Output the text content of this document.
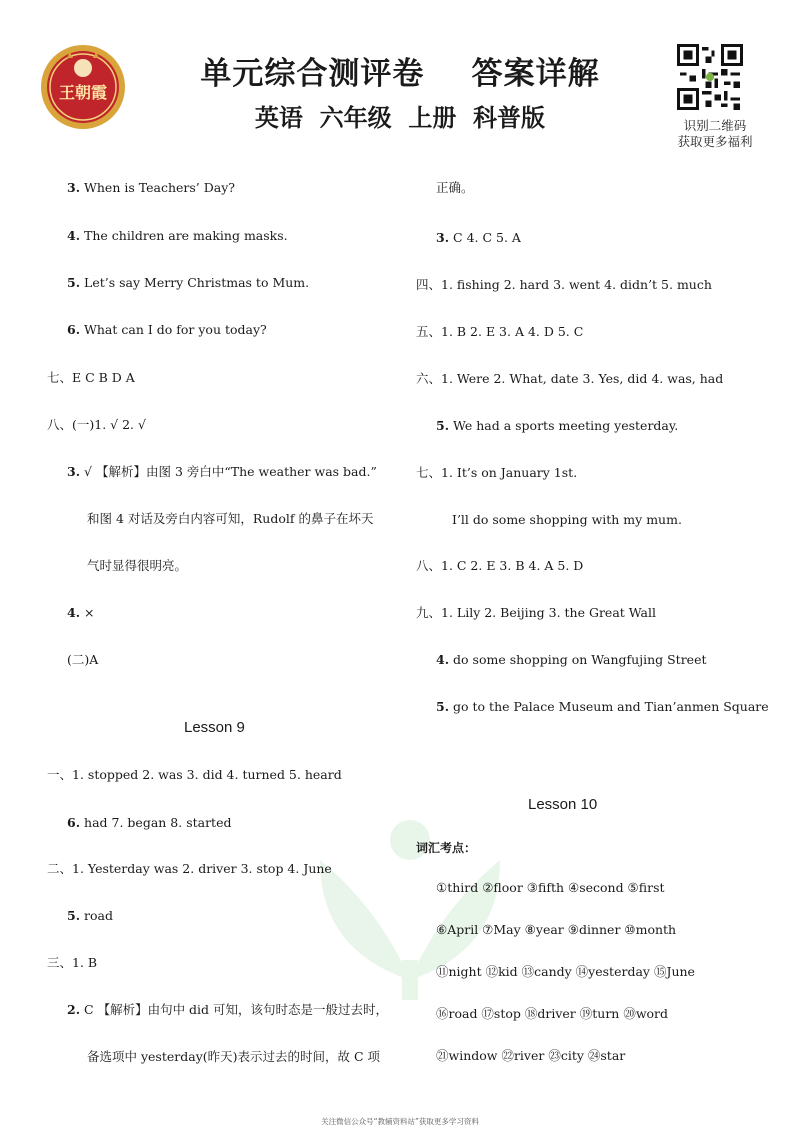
王朝霞
单元综合测评卷    答案详解
英语  六年级  上册  科普版	识别二维码
获取更多福利
3. When is Teachers’ Day?
4. The children are making masks.
5. Let’s say Merry Christmas to Mum.
6. What can I do for you today?
七、E C B D A
八、(一)1. √ 2. √
3. √ 【解析】由图 3 旁白中“The weather was bad.”
和图 4 对话及旁白内容可知，Rudolf 的鼻子在坏天
气时显得很明亮。
4. ×
(二)A
Lesson 9
一、1. stopped 2. was 3. did 4. turned 5. heard
6. had 7. began 8. started
二、1. Yesterday was 2. driver 3. stop 4. June
5. road
三、1. B
2. C 【解析】由句中 did 可知，该句时态是一般过去时，
备选项中 yesterday(昨天)表示过去的时间，故 C 项
正确。
3. C 4. C 5. A
四、1. fishing 2. hard 3. went 4. didn’t 5. much
五、1. B 2. E 3. A 4. D 5. C
六、1. Were 2. What, date 3. Yes, did 4. was, had
5. We had a sports meeting yesterday.
七、1. It’s on January 1st.
I’ll do some shopping with my mum.
八、1. C 2. E 3. B 4. A 5. D
九、1. Lily 2. Beijing 3. the Great Wall
4. do some shopping on Wangfujing Street
5. go to the Palace Museum and Tian’anmen Square
Lesson 10
词汇考点：
①third ②floor ③fifth ④second ⑤first
⑥April ⑦May ⑧year ⑨dinner ⑩month
⑪night ⑫kid ⑬candy ⑭yesterday ⑮June
⑯road ⑰stop ⑱driver ⑲turn ⑳word
㉑window ㉒river ㉓city ㉔star
关注微信公众号“教辅资料站”获取更多学习资料
